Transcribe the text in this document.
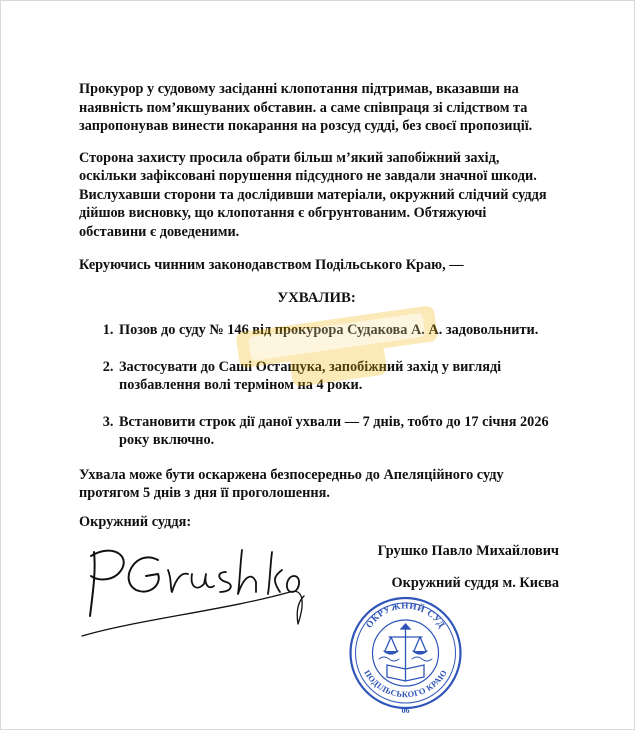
Прокурор у судовому засіданні клопотання підтримав, вказавши на наявність пом’якшуваних обставин. а саме співпраця зі слідством та запропонував винести покарання на розсуд судді, без своєї пропозиції.

Сторона захисту просила обрати більш м’який запобіжний захід, оскільки зафіксовані порушення підсудного не завдали значної шкоди. Вислухавши сторони та дослідивши матеріали, окружний слідчий суддя дійшов висновку, що клопотання є обгрунтованим. Обтяжуючі обставини є доведеними.

Керуючись чинним законодавством Подільського Краю, —

УХВАЛИВ:
1. Позов до суду № 146 від прокурора Судакова А. А. задовольнити.
2. Застосувати до Саші Остащука, запобіжний захід у вигляді позбавлення волі терміном на 4 роки.
3. Встановити строк дії даної ухвали — 7 днів, тобто до 17 січня 2026 року включно.

Ухвала може бути оскаржена безпосередньо до Апеляційного суду протягом 5 днів з дня її проголошення.

Окружний суддя:
Грушко Павло Михайлович
Окружний суддя м. Києва
ОКРУЖНИЙ СУД
ПОДІЛЬСЬКОГО КРАЮ
06
